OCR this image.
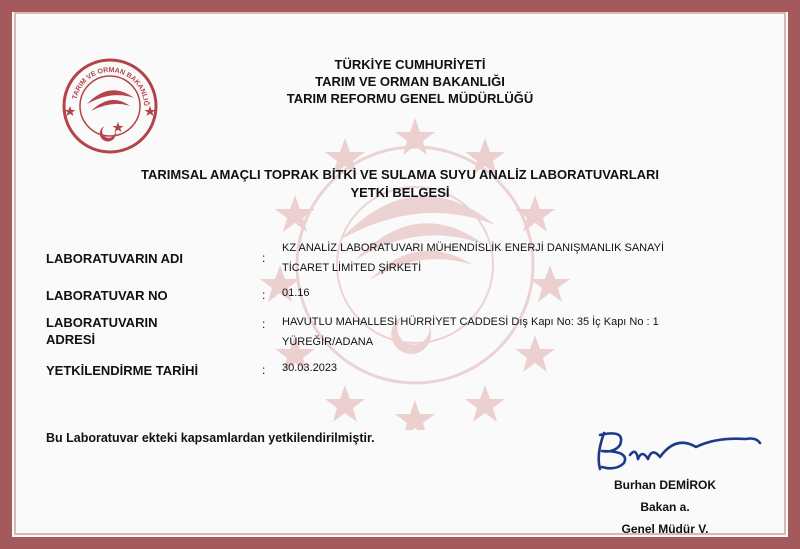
TARIM VE ORMAN BAKANLIĞ
TÜRKİYE CUMHURİYETİ
TARIM VE ORMAN BAKANLIĞI
TARIM REFORMU GENEL MÜDÜRLÜĞÜ
TARIMSAL AMAÇLI TOPRAK BİTKİ VE SULAMA SUYU ANALİZ LABORATUVARLARI
YETKİ BELGESİ
LABORATUVARIN ADI	:
KZ ANALİZ LABORATUVARI MÜHENDİSLİK ENERJİ DANIŞMANLIK SANAYİ
TİCARET LİMİTED ŞİRKETİ
LABORATUVAR NO	: 01.16
LABORATUVARIN
ADRESİ
: HAVUTLU MAHALLESİ HÜRRİYET CADDESİ Dış Kapı No: 35 İç Kapı No : 1
YÜREĞİR/ADANA
YETKİLENDİRME TARİHİ	: 30.03.2023
Bu Laboratuvar ekteki kapsamlardan yetkilendirilmiştir.
Burhan DEMİROK
Bakan a.
Genel Müdür V.
